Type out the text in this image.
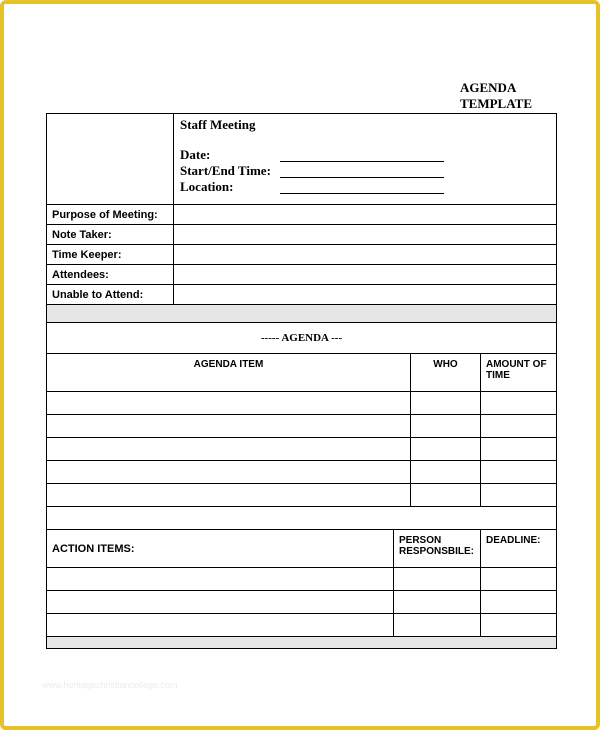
AGENDA
TEMPLATE

	Staff Meeting
Date:
Start/End Time:
Location:			

Purpose of Meeting:				
Note Taker:				
Time Keeper:				
Attendees:				
Unable to Attend:				

----- AGENDA ---				
AGENDA ITEM			WHO	AMOUNT OF TIME

ACTION ITEMS:		PERSON RESPONSBILE:		DEADLINE:

www.heritagechristiancollege.com
